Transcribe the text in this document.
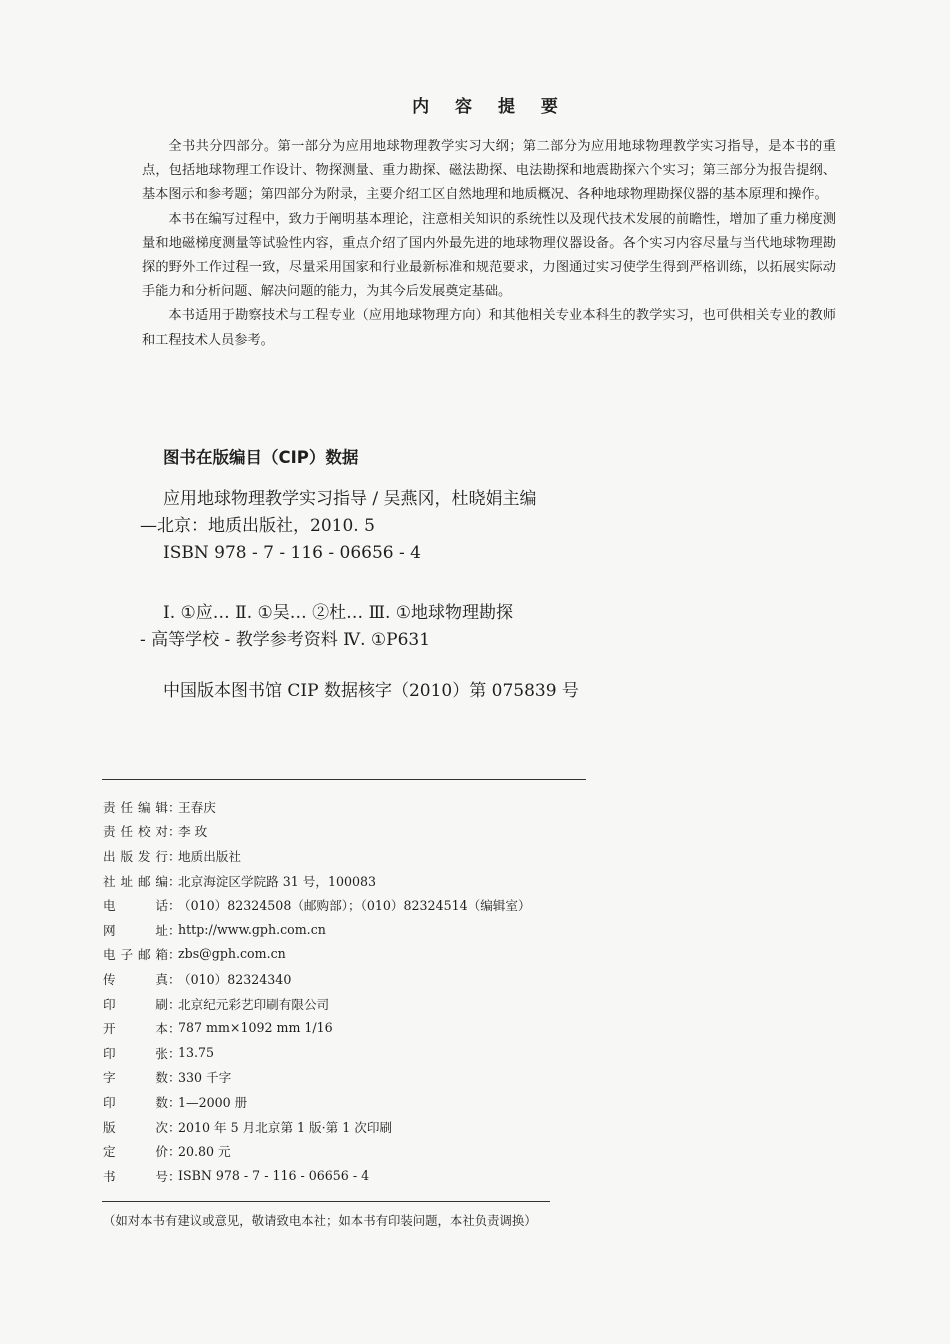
内 容 提 要

全书共分四部分。第一部分为应用地球物理教学实习大纲；第二部分为应用地球物理教学实习指导，是本书的重点，包括地球物理工作设计、物探测量、重力勘探、磁法勘探、电法勘探和地震勘探六个实习；第三部分为报告提纲、基本图示和参考题；第四部分为附录，主要介绍工区自然地理和地质概况、各种地球物理勘探仪器的基本原理和操作。

本书在编写过程中，致力于阐明基本理论，注意相关知识的系统性以及现代技术发展的前瞻性，增加了重力梯度测量和地磁梯度测量等试验性内容，重点介绍了国内外最先进的地球物理仪器设备。各个实习内容尽量与当代地球物理勘探的野外工作过程一致，尽量采用国家和行业最新标准和规范要求，力图通过实习使学生得到严格训练，以拓展实际动手能力和分析问题、解决问题的能力，为其今后发展奠定基础。

本书适用于勘察技术与工程专业（应用地球物理方向）和其他相关专业本科生的教学实习，也可供相关专业的教师和工程技术人员参考。

图书在版编目（CIP）数据
应用地球物理教学实习指导 / 吴燕冈，杜晓娟主编
—北京：地质出版社，2010. 5
ISBN 978 - 7 - 116 - 06656 - 4
Ⅰ. ①应… Ⅱ. ①吴… ②杜… Ⅲ. ①地球物理勘探
- 高等学校 - 教学参考资料 Ⅳ. ①P631
中国版本图书馆 CIP 数据核字（2010）第 075839 号
责任编辑 ：
王春庆
责任校对 ：
李 玫
出版发行 ：
地质出版社
社址邮编 ：
北京海淀区学院路 31 号，100083
电话 ：
（010）82324508（邮购部）；（010）82324514（编辑室）
网址 ：
http://www.gph.com.cn
电子邮箱 ：
zbs@gph.com.cn
传真 ：
（010）82324340
印刷 ：
北京纪元彩艺印刷有限公司
开本 ：
787 mm×1092 mm 1/16
印张 ：
13.75
字数 ：
330 千字
印数 ：
1—2000 册
版次 ：
2010 年 5 月北京第 1 版·第 1 次印刷
定价 ：
20.80 元
书号 ：
ISBN 978 - 7 - 116 - 06656 - 4
（如对本书有建议或意见，敬请致电本社；如本书有印装问题，本社负责调换）
